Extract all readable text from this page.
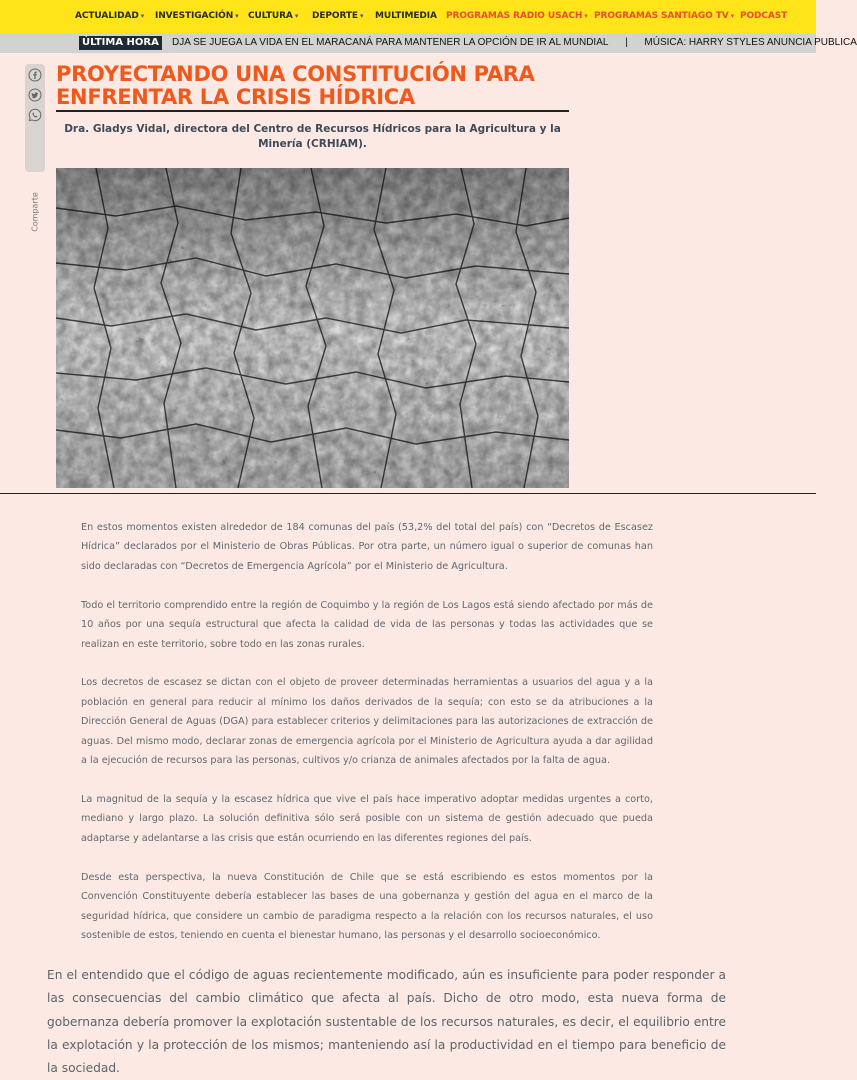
ACTUALIDAD ▾ INVESTIGACIÓN ▾ CULTURA ▾ DEPORTE ▾ MULTIMEDIA PROGRAMAS RADIO USACH ▾ PROGRAMAS SANTIAGO TV ▾ PODCAST
ÚLTIMA HORA	DJA SE JUEGA LA VIDA EN EL MARACANÁ PARA MANTENER LA OPCIÓN DE IR AL MUNDIAL | MÚSICA: HARRY STYLES ANUNCIA PUBLICA
Comparte
PROYECTANDO UNA CONSTITUCIÓN PARA ENFRENTAR LA CRISIS HÍDRICA

Dra. Gladys Vidal, directora del Centro de Recursos Hídricos para la Agricultura y la Minería (CRHIAM).

En estos momentos existen alrededor de 184 comunas del país (53,2% del total del país) con “Decretos de Escasez Hídrica” declarados por el Ministerio de Obras Públicas. Por otra parte, un número igual o superior de comunas han sido declaradas con “Decretos de Emergencia Agrícola” por el Ministerio de Agricultura.

Todo el territorio comprendido entre la región de Coquimbo y la región de Los Lagos está siendo afectado por más de 10 años por una sequía estructural que afecta la calidad de vida de las personas y todas las actividades que se realizan en este territorio, sobre todo en las zonas rurales.

Los decretos de escasez se dictan con el objeto de proveer determinadas herramientas a usuarios del agua y a la población en general para reducir al mínimo los daños derivados de la sequía; con esto se da atribuciones a la Dirección General de Aguas (DGA) para establecer criterios y delimitaciones para las autorizaciones de extracción de aguas. Del mismo modo, declarar zonas de emergencia agrícola por el Ministerio de Agricultura ayuda a dar agilidad a la ejecución de recursos para las personas, cultivos y/o crianza de animales afectados por la falta de agua.

La magnitud de la sequía y la escasez hídrica que vive el país hace imperativo adoptar medidas urgentes a corto, mediano y largo plazo. La solución definitiva sólo será posible con un sistema de gestión adecuado que pueda adaptarse y adelantarse a las crisis que están ocurriendo en las diferentes regiones del país.

Desde esta perspectiva, la nueva Constitución de Chile que se está escribiendo es estos momentos por la Convención Constituyente debería establecer las bases de una gobernanza y gestión del agua en el marco de la seguridad hídrica, que considere un cambio de paradigma respecto a la relación con los recursos naturales, el uso sostenible de estos, teniendo en cuenta el bienestar humano, las personas y el desarrollo socioeconómico.

En el entendido que el código de aguas recientemente modificado, aún es insuficiente para poder responder a las consecuencias del cambio climático que afecta al país. Dicho de otro modo, esta nueva forma de gobernanza debería promover la explotación sustentable de los recursos naturales, es decir, el equilibrio entre la explotación y la protección de los mismos; manteniendo así la productividad en el tiempo para beneficio de la sociedad.
